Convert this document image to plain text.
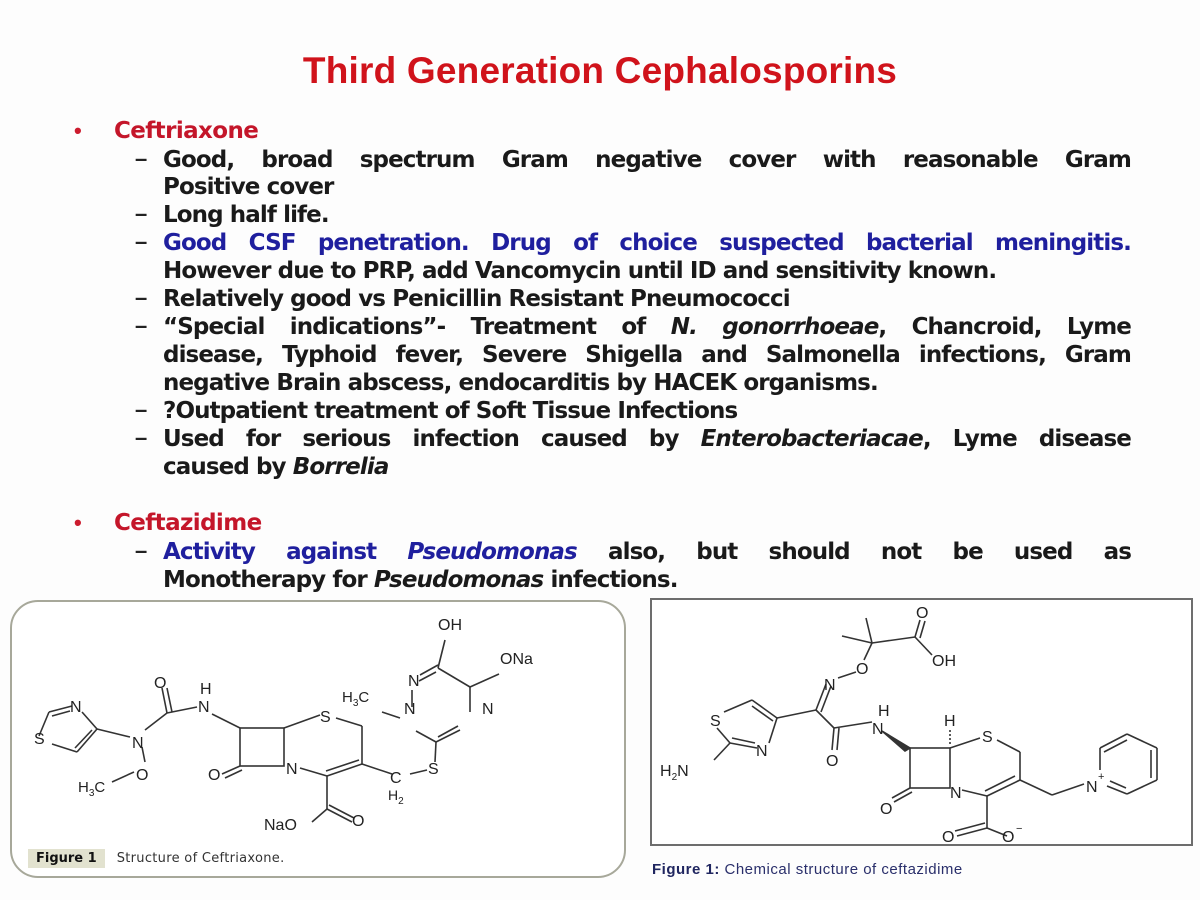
Third Generation Cephalosporins
• Ceftriaxone
– Good, broad spectrum Gram negative cover with reasonable Gram
Positive cover
– Long half life.
– Good CSF penetration. Drug of choice suspected bacterial meningitis.
However due to PRP, add Vancomycin until ID and sensitivity known.
– Relatively good vs Penicillin Resistant Pneumococci
– “Special indications”- Treatment of N. gonorrhoeae, Chancroid, Lyme
disease, Typhoid fever, Severe Shigella and Salmonella infections, Gram
negative Brain abscess, endocarditis by HACEK organisms.
– ?Outpatient treatment of Soft Tissue Infections
– Used for serious infection caused by Enterobacteriacae, Lyme disease
caused by Borrelia
• Ceftazidime
– Activity against Pseudomonas also, but should not be used as
Monotherapy for Pseudomonas infections.
S
N
N
O
$H_3C$
O H
N
O	N
S
C
$H_2$
S
NaO	O
$H_3C$
N
N
N
OH
ONa
Figure 1	Structure of Ceftriaxone.
S
N
$H_2N$
N
O
O
OH
O
H
N	H
S
N
O
O	O −
N
+
Figure 1: Chemical structure of ceftazidime
